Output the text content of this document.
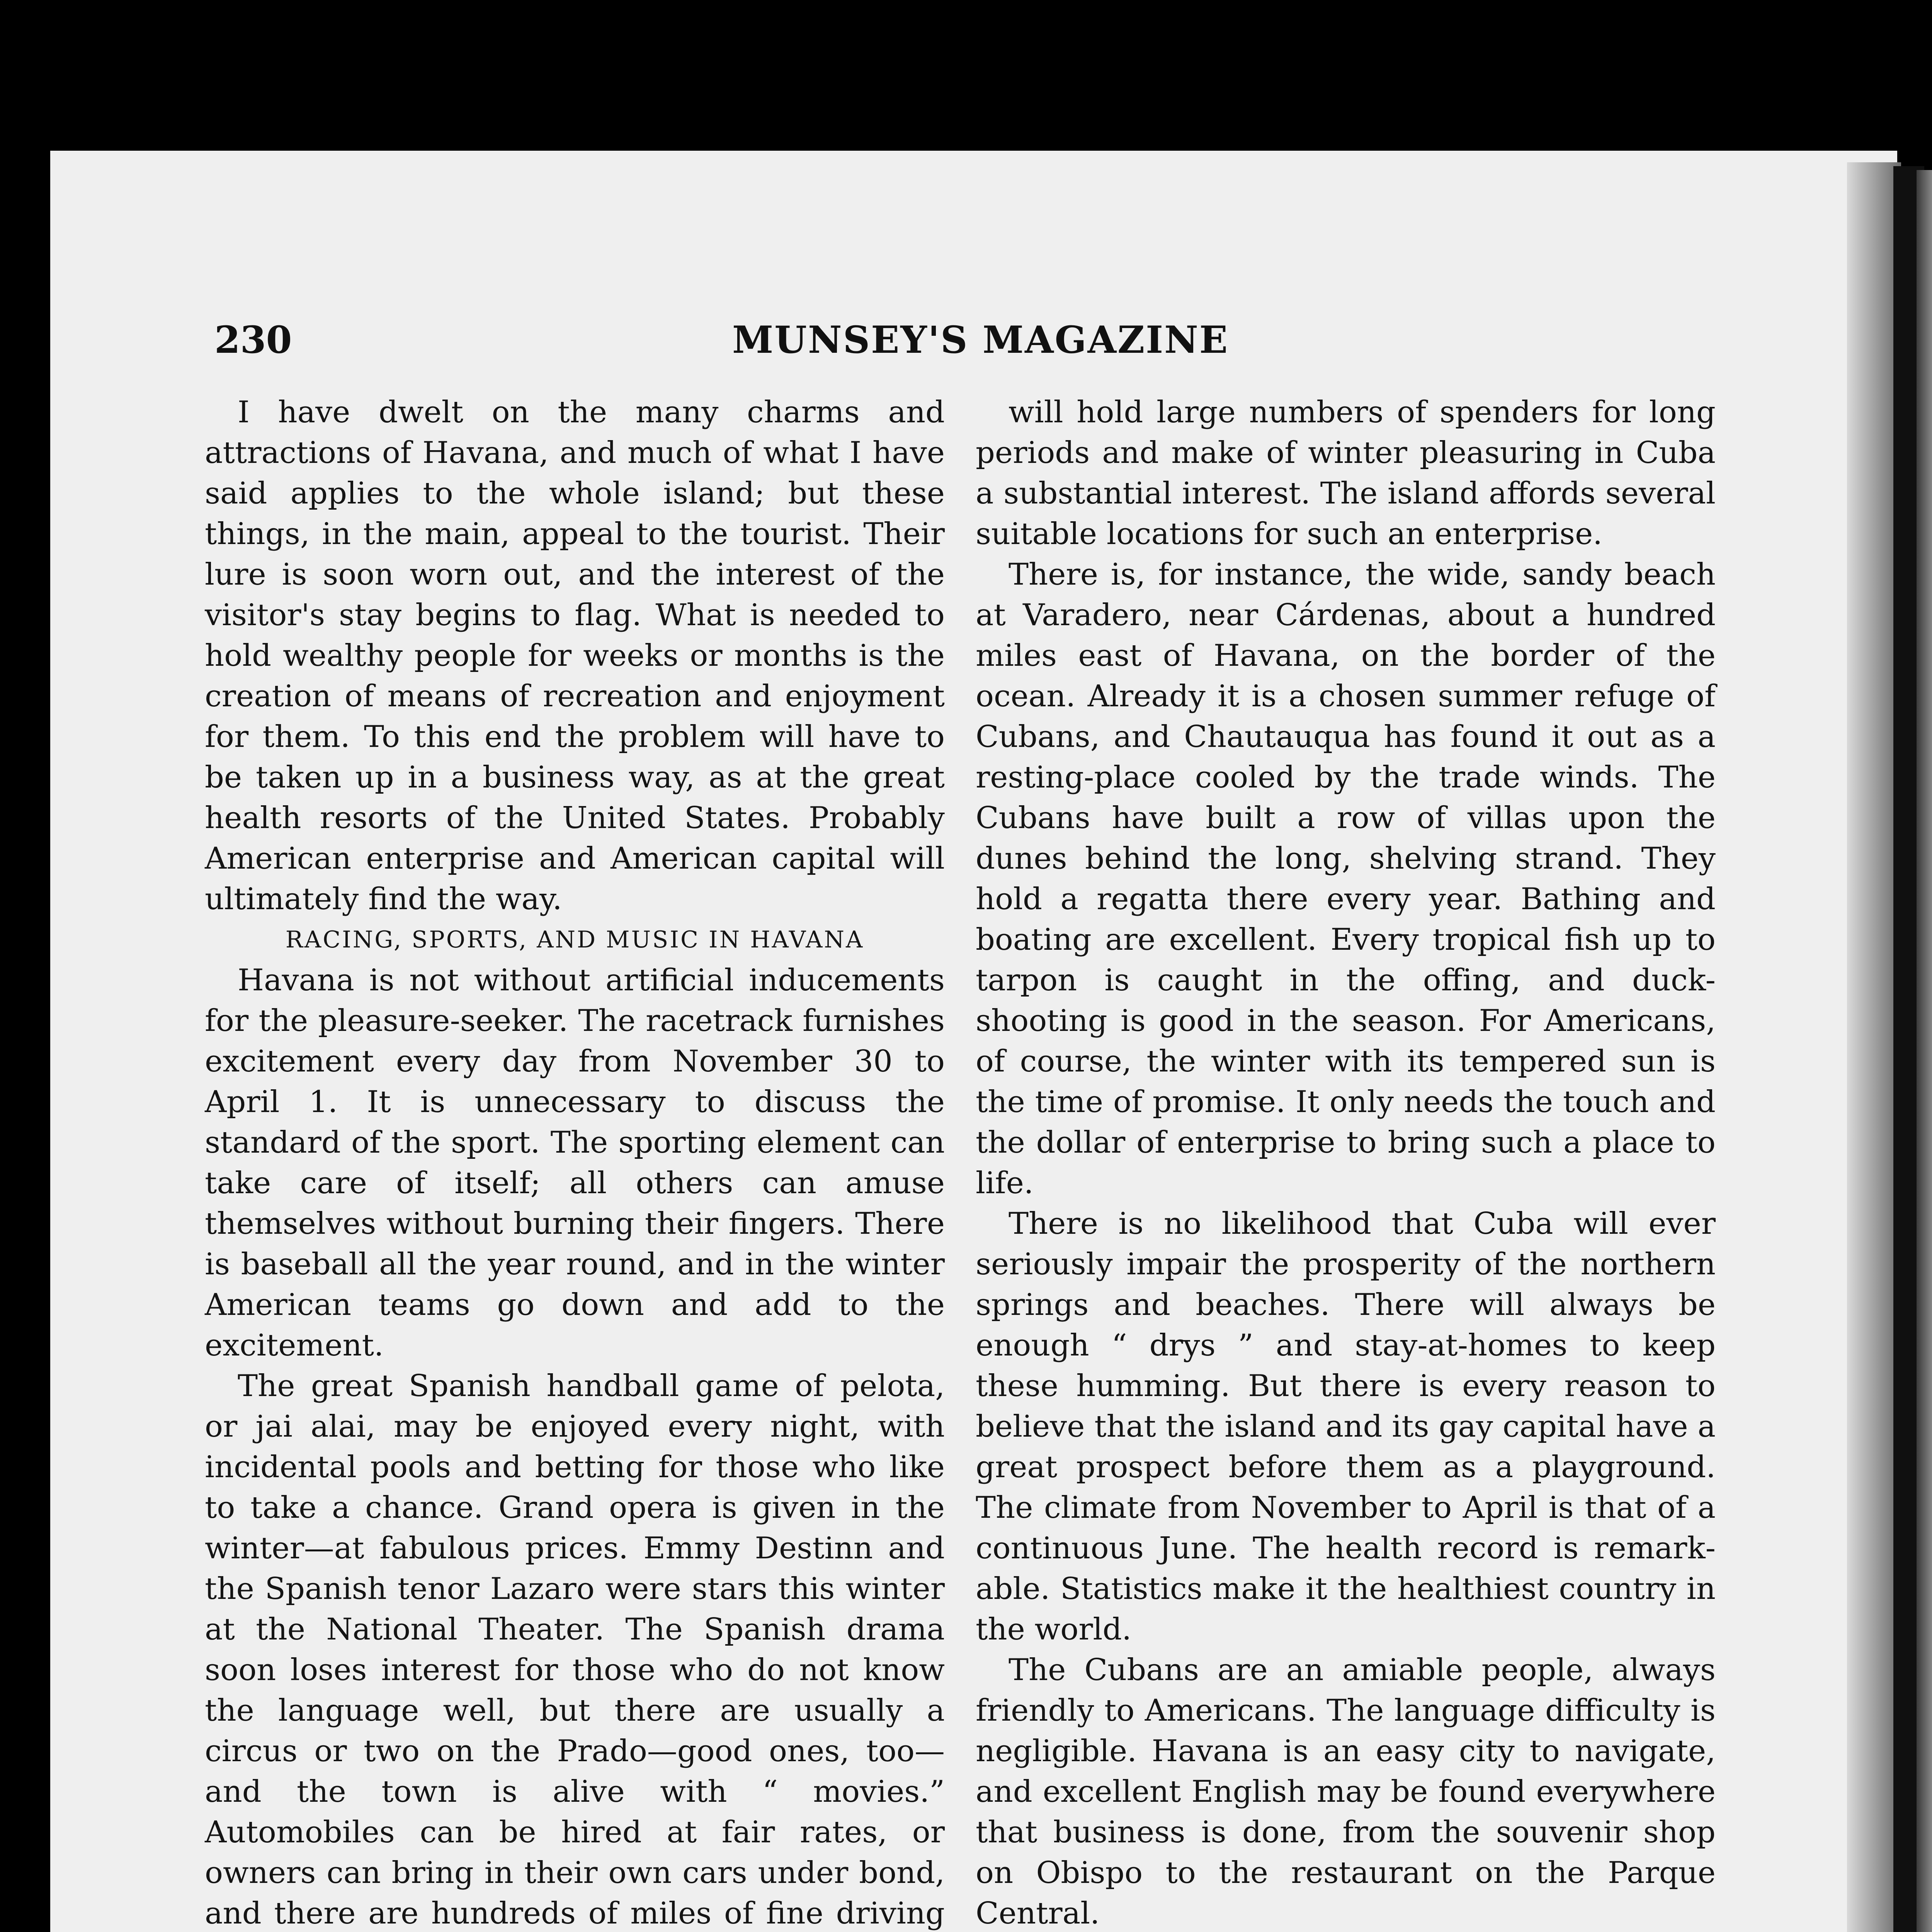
230	MUNSEY'S MAGAZINE

I have dwelt on the many charms and attractions of Havana, and much of what I have said applies to the whole island; but these things, in the main, appeal to the tourist. Their lure is soon worn out, and the interest of the visitor's stay begins to flag. What is needed to hold wealthy people for weeks or months is the creation of means of recreation and enjoyment for them. To this end the problem will have to be taken up in a business way, as at the great health resorts of the United States. Probably American enterprise and American capital will ultimately find the way.

RACING, SPORTS, AND MUSIC IN HAVANA

Havana is not without artificial inducements for the pleasure-seeker. The racetrack furnishes excitement every day from November 30 to April 1. It is unnecessary to discuss the standard of the sport. The sporting element can take care of itself; all others can amuse themselves without burning their fingers. There is baseball all the year round, and in the winter American teams go down and add to the excitement.

The great Spanish handball game of pelota, or jai alai, may be enjoyed every night, with incidental pools and betting for those who like to take a chance. Grand opera is given in the winter—at fabulous prices. Emmy Destinn and the Spanish tenor Lazaro were stars this winter at the National Theater. The Spanish drama soon loses interest for those who do not know the language well, but there are usually a circus or two on the Prado—good ones, too—and the town is alive with “ movies.” Automobiles can be hired at fair rates, or owners can bring in their own cars under bond, and there are hundreds of miles of fine driving

will hold large numbers of spenders for long periods and make of winter pleasuring in Cuba a substantial interest. The island affords several suitable locations for such an enterprise.

There is, for instance, the wide, sandy beach at Varadero, near Cárdenas, about a hundred miles east of Havana, on the border of the ocean. Already it is a chosen summer refuge of Cubans, and Chautauqua has found it out as a resting-place cooled by the trade winds. The Cubans have built a row of villas upon the dunes behind the long, shelving strand. They hold a regatta there every year. Bathing and boating are excellent. Every tropical fish up to tarpon is caught in the offing, and duck-shooting is good in the season. For Americans, of course, the winter with its tempered sun is the time of promise. It only needs the touch and the dollar of enterprise to bring such a place to life.

There is no likelihood that Cuba will ever seriously impair the prosperity of the northern springs and beaches. There will always be enough “ drys ” and stay-at-homes to keep these humming. But there is every reason to believe that the island and its gay capital have a great prospect before them as a playground. The climate from November to April is that of a continuous June. The health record is remarkable. Statistics make it the healthiest country in the world.

The Cubans are an amiable people, always friendly to Americans. The language difficulty is negligible. Havana is an easy city to navigate, and excellent English may be found everywhere that business is done, from the souvenir shop on Obispo to the restaurant on the Parque Central.
